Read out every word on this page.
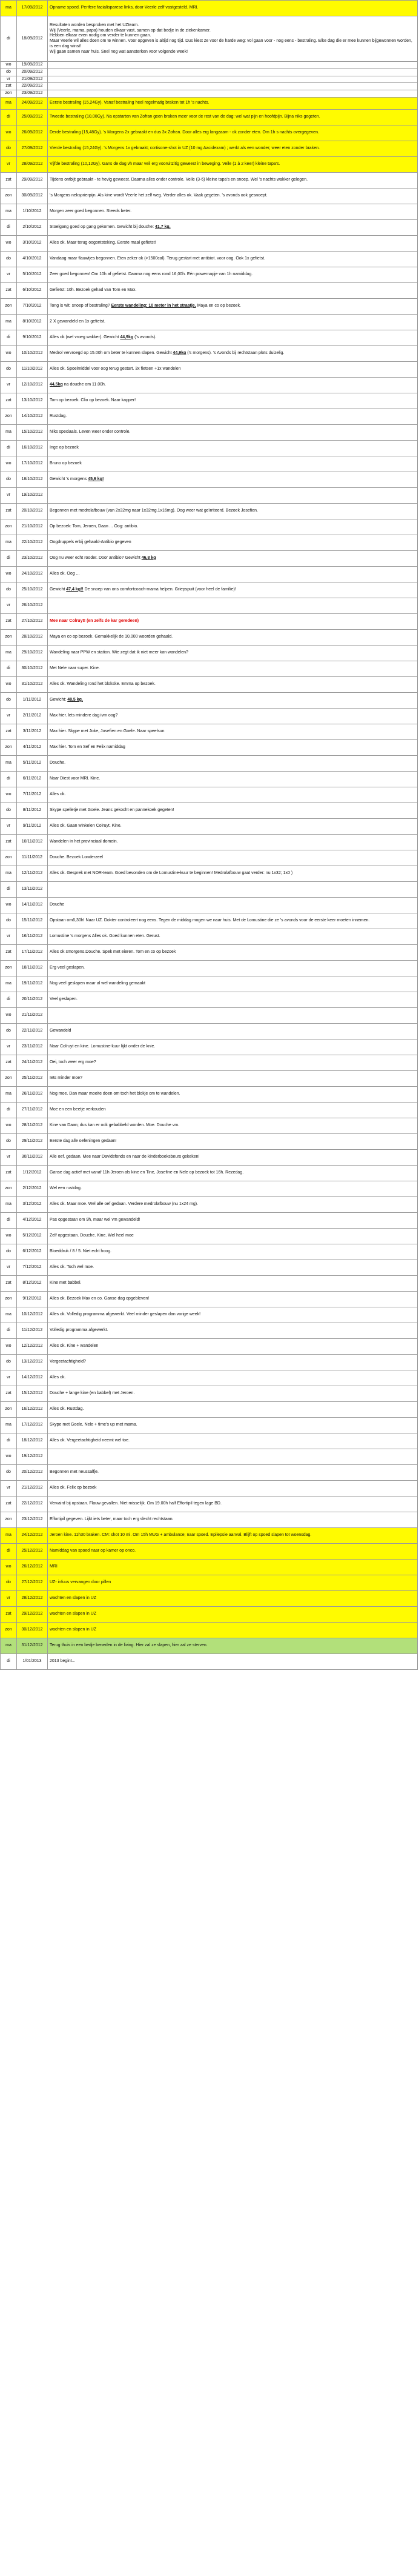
ma	17/09/2012	Opname spoed. Perifere facialisparese links, door Veerle zelf vastgesteld. MRI.
di	18/09/2012	Resultaten worden besproken met het UZteam.
Wij (Veerle, mama, papa) houden elkaar vast, samen op dat bedje in de ziekenkamer.
Hebben elkaar even nodig om verder te kunnen gaan.
Maar Veerle wil alles doen om te winnen. Voor opgeven is altijd nog tijd. Dus kiest ze voor de harde weg: vol gaan voor - nog eens - bestraling. Elke dag die er mee kunnen bijgewonnen worden, is een dag winst!
Wij gaan samen naar huis. Snel nog wat aansterken voor volgende week!

wo	19/09/2012	
do	20/09/2012	
vr	21/09/2012	
zat	22/09/2012	
zon	23/09/2012	
ma	24/09/2012	Eerste bestraling (15,24Gy). Vanaf bestraling heel regelmatig braken tot 1h 's nachts.
di	25/09/2012	Tweede bestraling (10,00Gy). Na opstarten van Zofran geen braken meer voor de rest van de dag: wel wat pijn en hoofdpijn. Bijna niks gegeten.
wo	26/09/2012	Derde bestraling (15,48Gy). 's Morgens 2x gebraakt en dus 3x Zofran. Door alles erg langzaam - ok zonder eten. Om 1h s nachts overgegeven.
do	27/09/2012	Vierde bestraling (15,24Gy). 's Morgens 1x gebraakt; cortisone-shot in UZ (10 mg Aacidexam) ; werkt als een wonder; weer eten zonder braken.
vr	28/09/2012	Vijfde bestraling (10,12Gy). Gans de dag vh maar veil erg vooruitzitig geweest in beweging. Veile (1 à 2 keer) kleine tapa's.
zat	29/09/2012	Tijdens ontbijt gebraakt - te hevig geweest. Daarna alles onder controle. Veile (3-6) kleine tapa's en snoep. Wel 's nachts wakker gelegen.
zon	30/09/2012	's Morgens neksprierpijn. Als kine wordt Veerle het zelf weg. Verder alles ok. Vaak gegeten. 's avonds ook gesnoept.
ma	1/10/2012	Morgen zeer goed begonnen. Steeds beter.
di	2/10/2012	Stoelgang goed op gang gekomen. Gewicht bij douche: 41,7 kg.
wo	3/10/2012	Alles ok. Maar terug oogontsteking. Eerste maal gefietst!
do	4/10/2012	Vandaag maar flauwtjes begonnen. Eten zeker ok (>1500cal). Terug gestart met antibiot. voor oog. Ook 1x gefietst.
vr	5/10/2012	Zeer goed begonnen! Om 10h af gefietst. Daarna nog eens rond 16,00h. Eén powernapje van 1h namiddag.
zat	6/10/2012	Gefietst: 10h. Bezoek gehad van Tom en Max.
zon	7/10/2012	Tong is wit: snoep of bestraling? Eerste wandeling: 10 meter in het straatje. Maya en co op bezoek.
ma	8/10/2012	2 X gewandeld en 1x gefietst.
di	9/10/2012	Alles ok (wel vroeg wakker). Gewicht 44,9kg ('s avonds).
wo	10/10/2012	Medrol vervroegd op 15.00h om beter te kunnen slapen. Gewicht 44,9kg ('s morgens). 's Avonds bij rechtstaan plots duizelig.
do	11/10/2012	Alles ok. Spoelmiddel voor oog terug gestart. 3x fietsen +1x wandelen
vr	12/10/2012	44,5kg na douche om 11.00h.
zat	13/10/2012	Tom op bezoek. Clio op bezoek. Naar kapper!
zon	14/10/2012	Rustdag.
ma	15/10/2012	Niks speciaals. Leven weer onder controle.
di	16/10/2012	Inge op bezoek
wo	17/10/2012	Bruno op bezoek
do	18/10/2012	Gewicht 's morgens 45,6 kg!
vr	19/10/2012	
zat	20/10/2012	Begonnen met medrolafbouw (van 2x32mg naar 1x32mg,1x16mg). Oog weer wat geïrriteerd. Bezoek Josefien.
zon	21/10/2012	Op bezoek: Tom, Jeroen, Daan ... Oog: antibio.
ma	22/10/2012	Oogdruppels erbij gehaald-Antibio gegeven
di	23/10/2012	Oog nu weer echt rooder. Door antibio? Gewicht 46,8 kg
wo	24/10/2012	Alles ok. Oog ...
do	25/10/2012	Gewicht 47,4 kg!! De snoep van ons comfortcoach-mama helpen. Griepspuit (voor heel de familie)!
vr	26/10/2012	
zat	27/10/2012	Mee naar Colruyt! (en zelfs de kar geredeen)
zon	28/10/2012	Maya en co op bezoek. Gemakkelijk de 10,000 woorden gehaald.
ma	29/10/2012	Wandeling naar PPW en station. Wie zegt dat ik niet meer kan wandelen?
di	30/10/2012	Met Nele naar super. Kine.
wo	31/10/2012	Alles ok. Wandeling rond het blokske. Emma op bezoek.
do	1/11/2012	Gewicht: 48,5 kg.
vr	2/11/2012	Max hier. lets mindere dag ivm oog?
zat	3/11/2012	Max hier. Skype met Joke, Josefien en Goele. Naar speelsun
zon	4/11/2012	Max hier. Tom en Sef en Felix namiddag
ma	5/11/2012	Douche.
di	6/11/2012	Naar Diest voor MRI. Kine.
wo	7/11/2012	Alles ok.
do	8/11/2012	Skype spelletje met Goele. Jeans gekocht en pannekoek gegeten!
vr	9/11/2012	Alles ok. Gaan winkelen Colruyt. Kine.
zat	10/11/2012	Wandelen in het provinciaal domein.
zon	11/11/2012	Douche. Bezoek Londerzeel
ma	12/11/2012	Alles ok. Gesprek met NOR-team. Goed bevonden om de Lomustine-kuur te beginnen! Medrolafbouw gaat verder: nu 1x32; 1x0 )
di	13/11/2012	
wo	14/11/2012	Douche
do	15/11/2012	Opstaan om6,30h! Naar UZ. Dokter controleert nog eens. Tegen de middag mogen we naar huis. Met de Lomustine die ze 's avonds voor de eerste keer moeten innemen.
vr	16/11/2012	Lomustine 's morgens Alles ok. Goed kunnen eten. Gerust.
zat	17/11/2012	Alles ok smorgens.Douche. Spek met eieren. Tom en co op bezoek
zon	18/11/2012	Erg veel geslapen.
ma	19/11/2012	Nog veel geslapen maar al wel wandeling gemaakt
di	20/11/2012	Veel geslapen.
wo	21/11/2012	
do	22/11/2012	Gewandeld
vr	23/11/2012	Naar Colruyt en kine. Lomustine-kuur lijkt onder de knie.
zat	24/11/2012	Oei, toch weer erg moe?
zon	25/11/2012	Iets minder moe?
ma	26/11/2012	Nog moe. Dan maar moeite doen om toch het blokje om te wandelen.
di	27/11/2012	Moe en een beetje verkouden
wo	28/11/2012	Kine van Daan; dus kan er ook gebabbeld worden. Moe. Douche vm.
do	29/11/2012	Eerste dag alle oefeningen gedaan!
vr	30/11/2012	Alle oef. gedaan. Mee naar Davidsfonds en naar de kinderboeksbeurs gekeken!
zat	1/12/2012	Ganse dag actief met vanaf 11h Jeroen als kine en Tine, Josefine en Nele op bezoek tot 16h. Rezedag.
zon	2/12/2012	Wel een rustdag.
ma	3/12/2012	Alles ok. Maar moe. Wel alle oef gedaan. Verdere medrolafbouw (nu 1x24 mg).
di	4/12/2012	Pas opgestaan om 9h, maar wel vm gewandeld!
wo	5/12/2012	Zelf opgestaan. Douche. Kine. Wel heel moe
do	6/12/2012	Bloeddruk / 8 / 5. Niet echt hoog.
vr	7/12/2012	Alles ok. Toch wel moe.
zat	8/12/2012	Kine met babbel.
zon	9/12/2012	Alles ok. Bezoek Max en co. Ganse dag opgebleven!
ma	10/12/2012	Alles ok. Volledig programma afgewerkt. Veel minder geslapen dan vorige week!
di	11/12/2012	Volledig programma afgewerkt.
wo	12/12/2012	Alles ok. Kine + wandelen
do	13/12/2012	Vergeetachtigheid?
vr	14/12/2012	Alles ok.
zat	15/12/2012	Douche + lange kine (en babbel) met Jeroen.
zon	16/12/2012	Alles ok. Rustdag.
ma	17/12/2012	Skype met Goele, Nele + time's up met mama.
di	18/12/2012	Alles ok. Vergeetachtigheid neemt wel toe.
wo	19/12/2012	
do	20/12/2012	Begonnen met neussalfje.
vr	21/12/2012	Alles ok. Felix op bezoek
zat	22/12/2012	Vervaird bij opstaan. Flauw gevallen. Niet misselijk. Om 19.00h half Effortipil tegen lage BD.
zon	23/12/2012	Effortipil gegeven. Lijkt iets beter, maar toch erg slecht rechtstaan.
ma	24/12/2012	Jeroen kine. 11h30 braken. CM: shot 10 ml. Om 15h MUG + ambulance; naar spoed. Epilepsie aanval. Blijft op spoed slapen tot woensdag.
di	25/12/2012	Namiddag van spoed naar op kamer op onco.
wo	26/12/2012	MRI
do	27/12/2012	UZ- infuus vervangen door pillen
vr	28/12/2012	wachten en slapen in UZ
zat	29/12/2012	wachten en slapen in UZ
zon	30/12/2012	wachten en slapen in UZ
ma	31/12/2012	Terug thuis in een bedje beneden in de living. Hier zal ze slapen, hier zal ze sterven.
di	1/01/2013	2013 begint...
